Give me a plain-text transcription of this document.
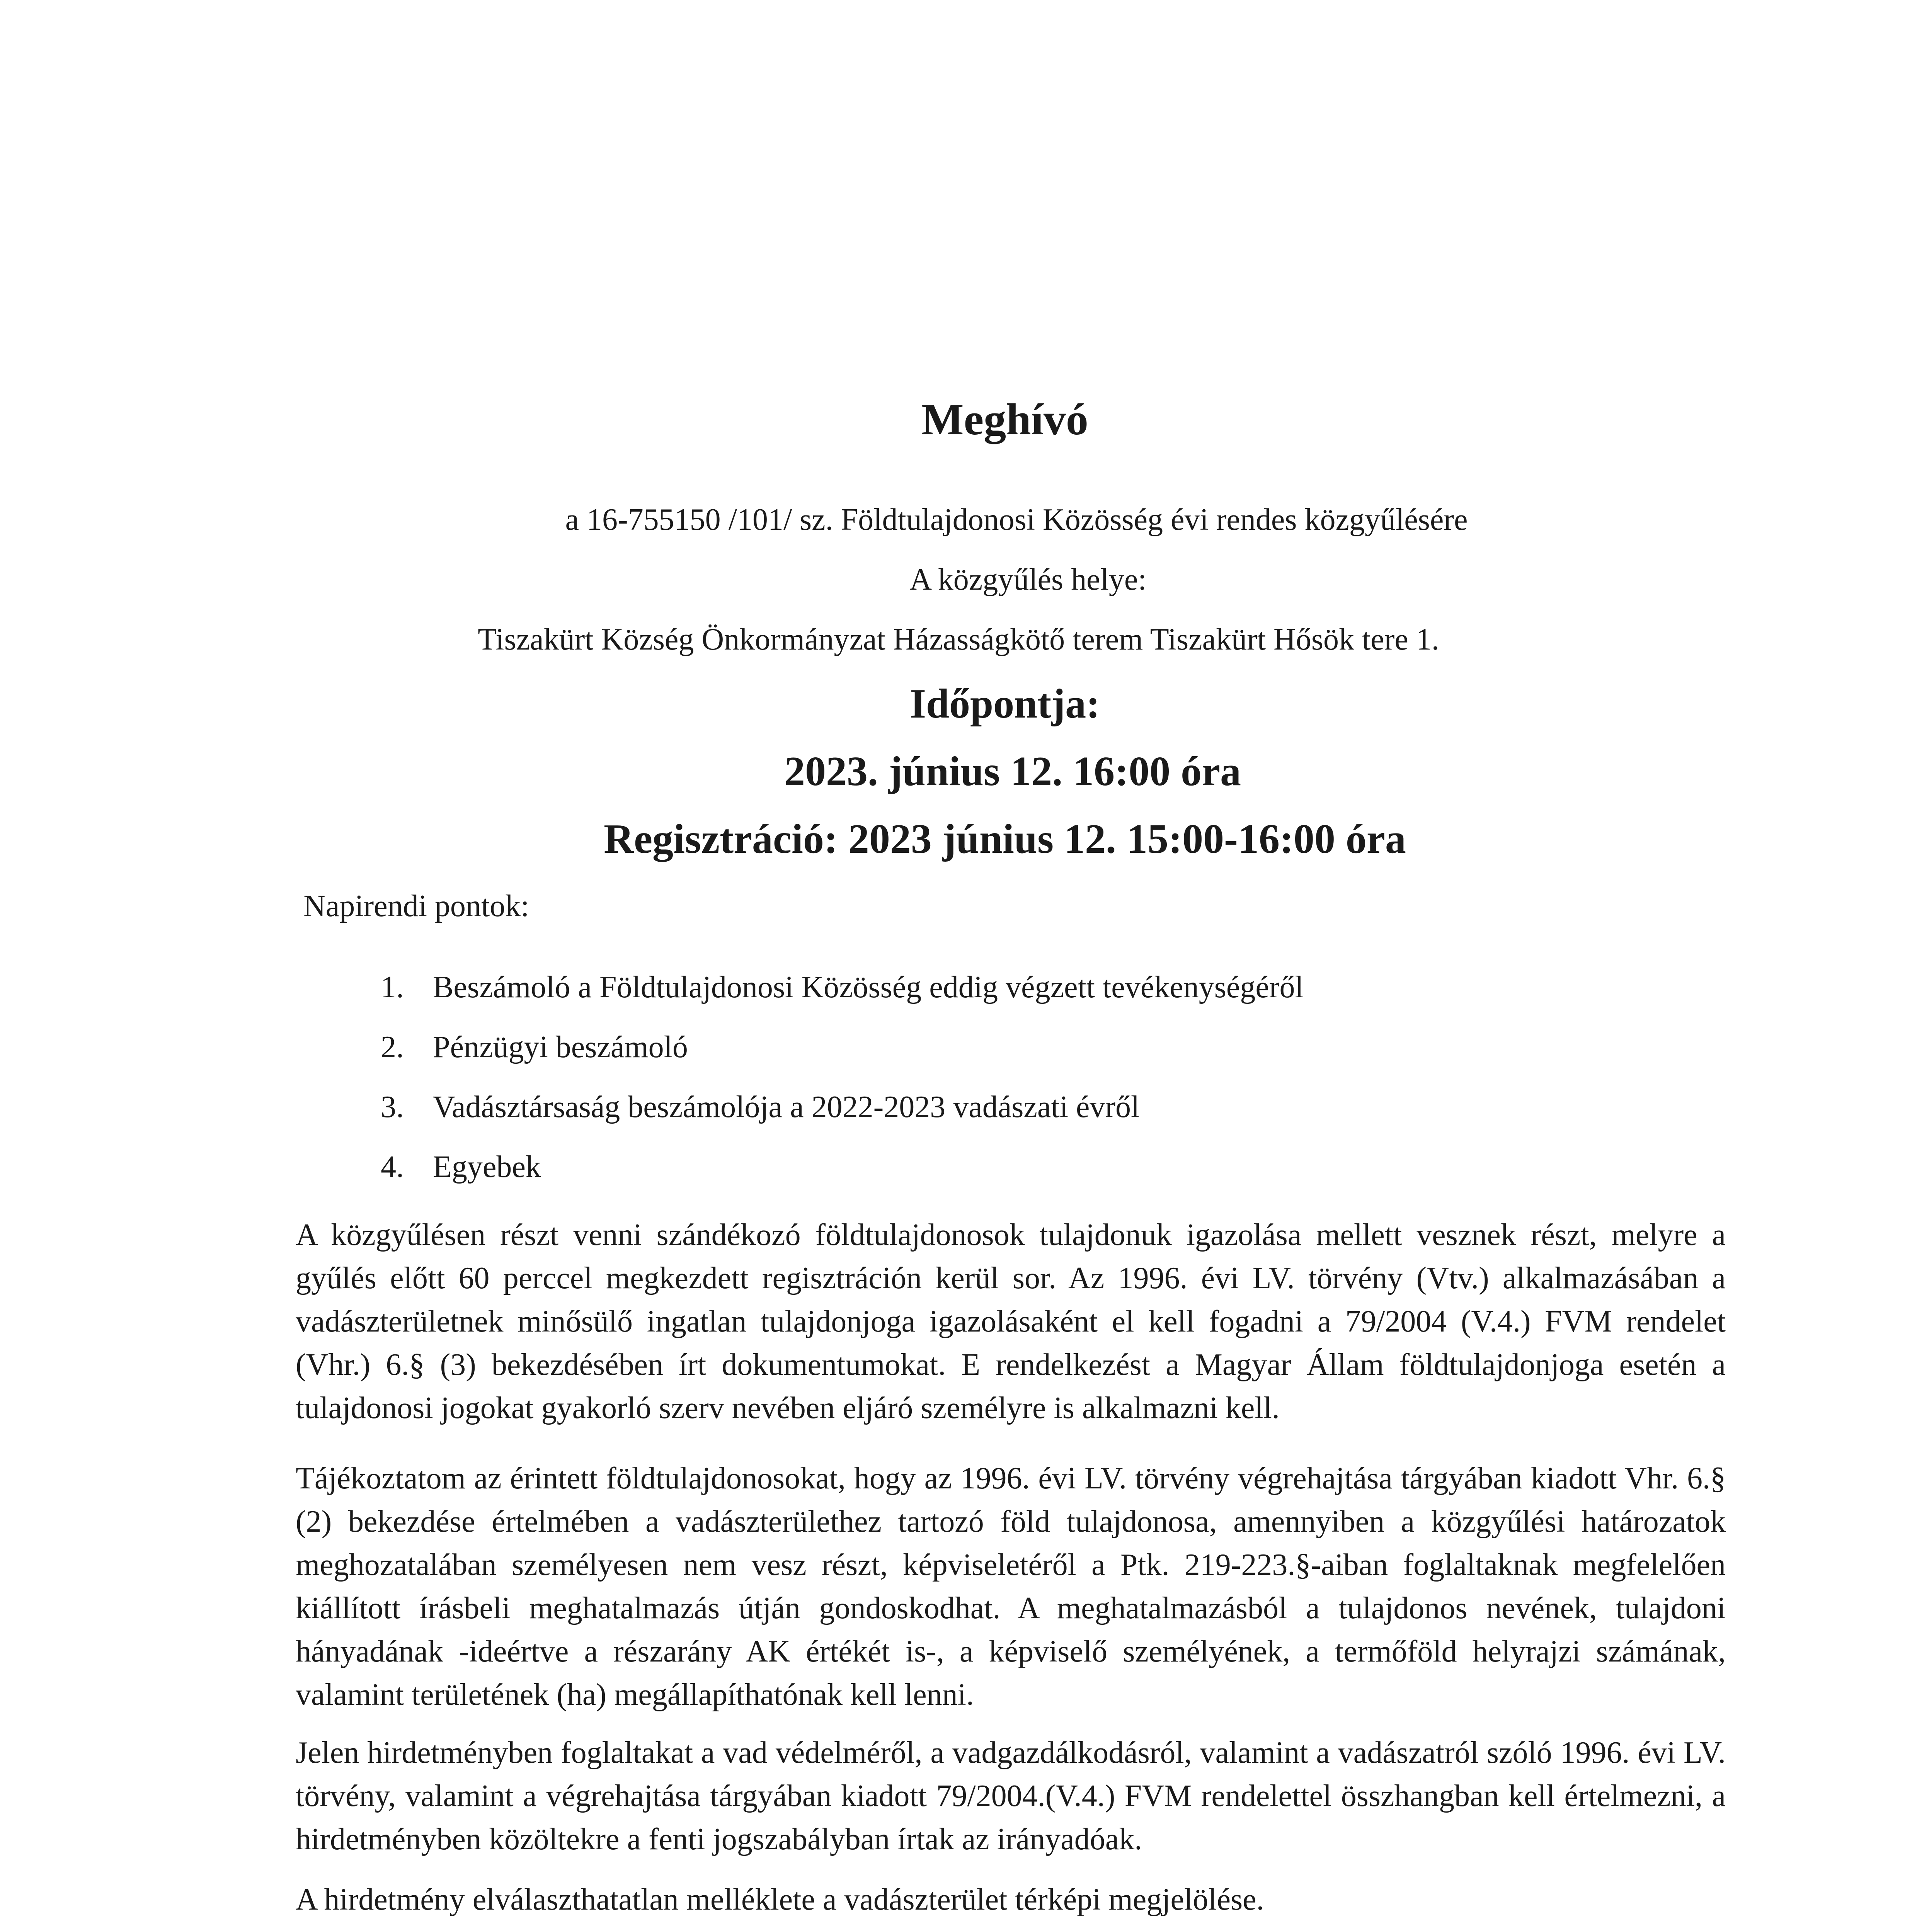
Meghívó
a 16-755150 /101/ sz. Földtulajdonosi Közösség évi rendes közgyűlésére
A közgyűlés helye:
Tiszakürt Község Önkormányzat Házasságkötő terem Tiszakürt Hősök tere 1.
Időpontja:
2023. június 12. 16:00 óra
Regisztráció: 2023 június 12. 15:00-16:00 óra
Napirendi pontok:
1. Beszámoló a Földtulajdonosi Közösség eddig végzett tevékenységéről
2. Pénzügyi beszámoló
3. Vadásztársaság beszámolója a 2022-2023 vadászati évről
4. Egyebek

A közgyűlésen részt venni szándékozó földtulajdonosok tulajdonuk igazolása mellett vesznek részt, melyre a gyűlés előtt 60 perccel megkezdett regisztráción kerül sor. Az 1996. évi LV. törvény (Vtv.) alkalmazásában a vadászterületnek minősülő ingatlan tulajdonjoga igazolásaként el kell fogadni a 79/2004 (V.4.) FVM rendelet (Vhr.) 6.§ (3) bekezdésében írt dokumentumokat. E rendelkezést a Magyar Állam földtulajdonjoga esetén a tulajdonosi jogokat gyakorló szerv nevében eljáró személyre is alkalmazni kell.

Tájékoztatom az érintett földtulajdonosokat, hogy az 1996. évi LV. törvény végrehajtása tárgyában kiadott Vhr. 6.§ (2) bekezdése értelmében a vadászterülethez tartozó föld tulajdonosa, amennyiben a közgyűlési határozatok meghozatalában személyesen nem vesz részt, képviseletéről a Ptk. 219-223.§-aiban foglaltaknak megfelelően kiállított írásbeli meghatalmazás útján gondoskodhat. A meghatalmazásból a tulajdonos nevének, tulajdoni hányadának -ideértve a részarány AK értékét is-, a képviselő személyének, a termőföld helyrajzi számának, valamint területének (ha) megállapíthatónak kell lenni.

Jelen hirdetményben foglaltakat a vad védelméről, a vadgazdálkodásról, valamint a vadászatról szóló 1996. évi LV. törvény, valamint a végrehajtása tárgyában kiadott 79/2004.(V.4.) FVM rendelettel összhangban kell értelmezni, a hirdetményben közöltekre a fenti jogszabályban írtak az irányadóak.

A hirdetmény elválaszthatatlan melléklete a vadászterület térképi megjelölése.
